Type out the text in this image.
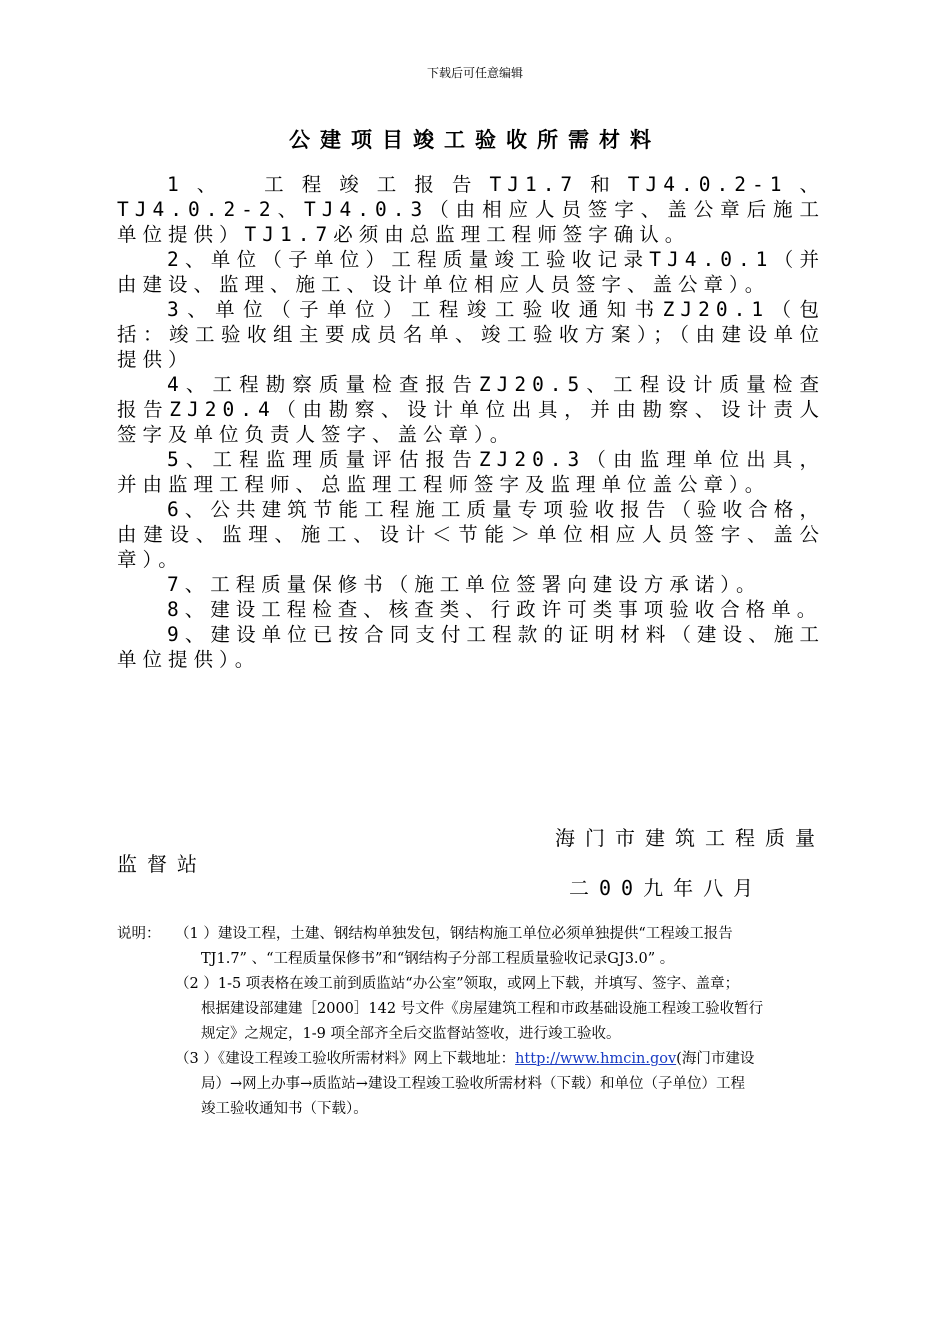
下载后可任意编辑
公建项目竣工验收所需材料

1、 工程竣工报告TJ1.7和TJ4.0.2-1、 TJ4.0.2-2、TJ4.0.3（由相应人员签字、盖公章后施工单位提供）TJ1.7必须由总监理工程师签字确认。

2、单位（子单位）工程质量竣工验收记录TJ4.0.1（并由建设、监理、施工、设计单位相应人员签字、盖公章）。

3、单位（子单位）工程竣工验收通知书ZJ20.1（包括：竣工验收组主要成员名单、竣工验收方案）；（由建设单位提供）

4、工程勘察质量检查报告ZJ20.5、工程设计质量检查报告ZJ20.4（由勘察、设计单位出具，并由勘察、设计责人签字及单位负责人签字、盖公章）。

5、工程监理质量评估报告ZJ20.3（由监理单位出具，并由监理工程师、总监理工程师签字及监理单位盖公章）。

6、公共建筑节能工程施工质量专项验收报告（验收合格，由建设、监理、施工、设计＜节能＞单位相应人员签字、盖公章）。

7、工程质量保修书（施工单位签署向建设方承诺）。

8、建设工程检查、核查类、行政许可类事项验收合格单。

9、建设单位已按合同支付工程款的证明材料（建设、施工单位提供）。

海门市建筑工程质量
监督站
二00九年八月
说明：	（1 ）建设工程，土建、钢结构单独发包，钢结构施工单位必须单独提供“工程竣工报告
TJ1.7” 、“工程质量保修书”和“钢结构子分部工程质量验收记录GJ3.0” 。
（2 ）1-5 项表格在竣工前到质监站“办公室”领取，或网上下载，并填写、签字、盖章；
根据建设部建建［2000］142 号文件《房屋建筑工程和市政基础设施工程竣工验收暂行
规定》之规定，1-9 项全部齐全后交监督站签收，进行竣工验收。
（3 ）《建设工程竣工验收所需材料》网上下载地址：http://www.hmcin.gov(海门市建设
局）→网上办事→质监站→建设工程竣工验收所需材料（下载）和单位（子单位）工程
竣工验收通知书（下载）。
